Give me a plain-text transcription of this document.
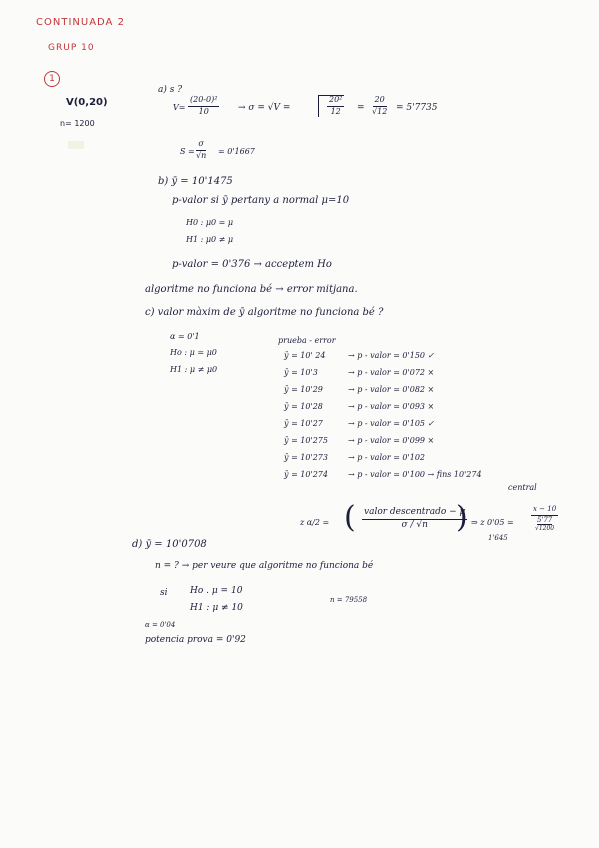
CONTINUADA 2
GRUP 10
1
V(0,20)
n= 1200
a) s ?
$V= \frac{\text{(20-0)²}}{10} \to \sigma = √V$ =	$\frac{\text{20²}}{12} = \frac{20}{√12} = 5'7735$
$S = \frac{\sigma}{√n} = 0'1667$
b) ȳ = 10'1475
p-valor si ȳ pertany a normal μ=10
H0 : μ0 = μ
H1 : μ0 ≠ μ
p-valor = 0'376 → acceptem Ho
algoritme no funciona bé → error mitjana.
c) valor màxim de ȳ algoritme no funciona bé ?
α = 0'1
Ho : μ = μ0
H1 : μ ≠ μ0
prueba - error
ȳ = 10' 24	→ p - valor = 0'150 ✓
ȳ = 10'3	→ p - valor = 0'072 ×
ȳ = 10'29	→ p - valor = 0'082 ×
ȳ = 10'28	→ p - valor = 0'093 ×
ȳ = 10'27	→ p - valor = 0'105 ✓
ȳ = 10'275	→ p - valor = 0'099 ×
ȳ = 10'273	→ p - valor = 0'102
ȳ = 10'274	→ p - valor = 0'100 → fins 10'274
central
z α/2 = ( valor descentrado − μ
σ / √n ) ⇒ z 0'05 =
1'645
x − 10
5'77
√1200
d) ȳ = 10'0708
n = ? → per veure que algoritme no funciona bé
si	Ho . μ = 10
H1 : μ ≠ 10
n = 79558
α = 0'04
potencia prova = 0'92
